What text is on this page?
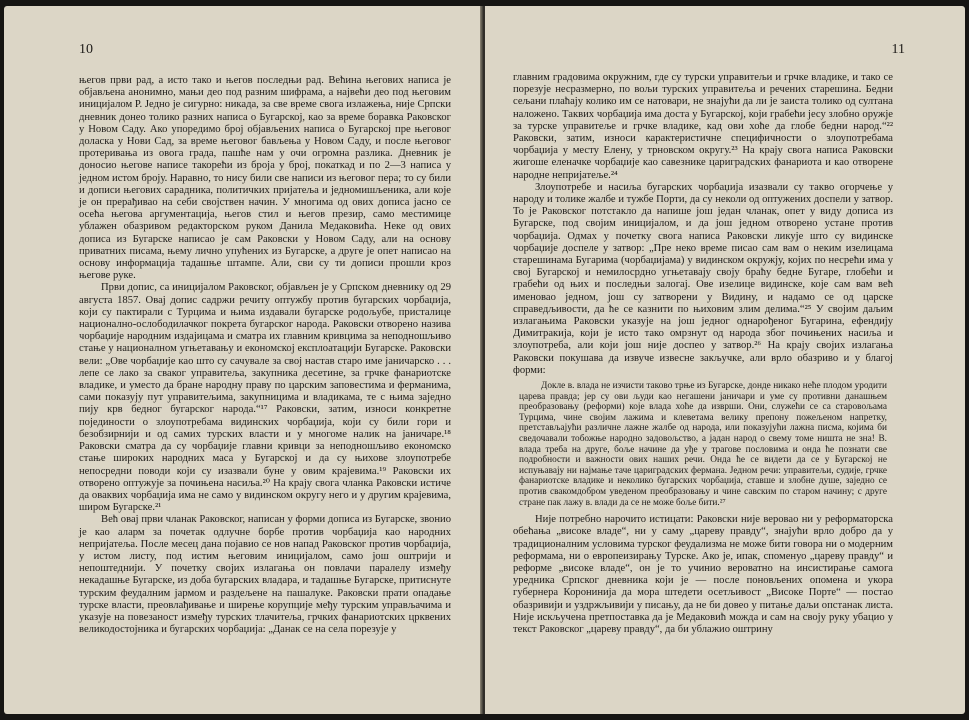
10

његов први рад, а исто тако и његов последњи рад. Већина његових написа је објављена анонимно, мањи део под разним шифрама, а највећи део под његовим иницијалом Р. Једно је сигурно: никада, за све време свога излажења, није Српски дневник донео толико разних написа о Бугарској, као за време боравка Раковског у Новом Саду. Ако упоредимо број објављених написа о Бугарској пре његовог доласка у Нови Сад, за време његовог бављења у Новом Саду, и после његовог протеривања из овога града, пашће нам у очи огромна разлика. Дневник је доносио његове написе такорећи из броја у број, покаткад и по 2—3 написа у једном истом броју. Наравно, то нису били све написи из његовог пера; то су били и дописи његових сарадника, политичких пријатеља и једномишљеника, али које је он прерађивао на себи својствен начин. У многима од ових дописа јасно се осећа његова аргументација, његов стил и његов презир, само местимице ублажен обазривом редакторском руком Данила Медаковића. Неке од ових дописа из Бугарске написао је сам Раковски у Новом Саду, али на основу приватних писама, њему лично упућених из Бугарске, а друге је опет написао на основу информација тадашње штампе. Али, сви су ти дописи прошли кроз његове руке.

Први допис, са иницијалом Раковског, објављен је у Српском дневнику од 29 августа 1857. Овај допис садржи речиту оптужбу против бугарских чорбаџија, који су пактирали с Турцима и њима издавали бугарске родољубе, присталице национално-ослободилачког покрета бугарског народа. Раковски отворено назива чорбаџије народним издајицама и сматра их главним кривцима за неподношљиво стање у националном угњетавању и економској експлоатацији Бугарске. Раковски вели: „Ове чорбаџије као што су сачувале за свој настав старо име јаничарско . . . лепе се лако за сваког управитеља, закупника десетине, за грчке фанариотске владике, и уместо да бране народну праву по царским заповестима и ферманима, сами показују пут управитељима, закупницима и владикама, те с њима заједно пију крв бедног бугарског народа.“¹⁷ Раковски, затим, износи конкретне појединости о злоупотребама видинских чорбаџија, који су били гори и безобзирнији и од самих турских власти и у многоме налик на јаничаре.¹⁸ Раковски сматра да су чорбаџије главни кривци за неподношљиво економско стање широких народних маса у Бугарској и да су њихове злоупотребе непосредни поводи који су изазвали буне у овим крајевима.¹⁹ Раковски их отворено оптужује за почињена насиља.²⁰ На крају свога чланка Раковски истиче да оваквих чорбаџија има не само у видинском округу него и у другим крајевима, широм Бугарске.²¹

Већ овај први чланак Раковског, написан у форми дописа из Бугарске, звонио је као аларм за почетак одлучне борбе против чорбаџија као народних непријатеља. После месец дана појавио се нов напад Раковског против чорбаџија, у истом листу, под истим његовим иницијалом, само још оштрији и непоштеднији. У почетку својих излагања он повлачи паралелу између некадашње Бугарске, из доба бугарских владара, и тадашње Бугарске, притиснуте турским феудалним јармом и раздељене на пашалуке. Раковски прати опадање турске власти, преовлађивање и ширење корупције међу турским управљачима и указује на повезаност између турских тлачитеља, грчких фанариотских црквених великодостојника и бугарских чорбаџија: „Данак се на села порезује у

11

главним градовима окружним, где су турски управитељи и грчке владике, и тако се порезује несразмерно, по вољи турских управитеља и речених старешина. Бедни сељани плаћају колико им се натовари, не знајући да ли је заиста толико од султана наложено. Таквих чорбаџија има доста у Бугарској, који грабећи јесу злобно оружје за турске управитеље и грчке владике, кад ови хоће да глобе бедни народ.“²² Раковски, затим, износи карактеристичне специфичности о злоупотребама чорбаџија у месту Елену, у трновском округу.²³ На крају свога написа Раковски жигоше еленачке чорбаџије као савезнике цариградских фанариота и као отворене народне непријатеље.²⁴

Злоупотребе и насиља бугарских чорбаџија изазвали су такво огорчење у народу и толике жалбе и тужбе Порти, да су неколи од оптужених доспели у затвор. То је Раковског потстакло да напише још један чланак, опет у виду дописа из Бугарске, под својим иницијалом, и да још једном отворено устане против чорбаџија. Одмах у почетку свога написа Раковски ликује што су видинске чорбаџије доспеле у затвор: „Пре неко време писао сам вам о неким изелицама старешинама Бугарима (чорбаџијама) у видинском окружју, којих по несрећи има у свој Бугарској и немилосрдно угњетавају своју браћу бедне Бугаре, глобећи и грабећи од њих и последњи залогај. Ове изелице видинске, које сам вам већ именовао једном, још су затворени у Видину, и надамо се од царске справедљивости, да ће се казнити по њиховим злим делима.“²⁵ У својим даљим излагањима Раковски указује на још једног однарођеног Бугарина, ефендију Димитракија, који је исто тако омрзнут од народа због почињених насиља и злоупотреба, али који још није доспео у затвор.²⁶ На крају својих излагања Раковски покушава да извуче извесне закључке, али врло обазриво и у благој форми:

Докле в. влада не изчисти таково трње из Бугарске, донде никако неће плодом уродити царева правда; јер су ови људи као негашени јаничари и уме су противни данашњем преобразовању (реформи) које влада хоће да изврши. Они, служећи се са старовољама Турцима, чине својим лажима и клеветама велику препону пожељеном напретку, претстављајући различне лажне жалбе од народа, или показујући лажна писма, којима би сведочавали тобожње народно задовољство, а јадан народ о свему томе ништа не зна! В. влада треба на друге, боље начине да уђе у трагове пословима и онда ће познати све подробности и важности ових наших речи. Онда ће се видети да се у Бугарској не испуњавају ни најмање таче цариградских фермана. Једном речи: управитељи, судије, грчке фанариотске владике и неколико бугарских чорбаџија, ставше и злобне душе, заједно се против свакомдобром уведеном преобразовању и чине савским по старом начину; с друге стране пак лажу в. влади да се не може боље бити.²⁷

Није потребно нарочито истицати: Раковски није веровао ни у реформаторска обећања „високе владе“, ни у саму „цареву правду“, знајући врло добро да у традиционалним условима турског феудализма не може бити говора ни о модерним реформама, ни о европеизирању Турске. Ако је, ипак, споменуо „цареву правду“ и реформе „високе владе“, он је то учинио вероватно на инсистирање самога уредника Српског дневника који је — после поновљених опомена и укора губернера Коронинија да мора штедети осетљивост „Високе Порте“ — постао обазривији и уздржљивији у писању, да не би довео у питање даљи опстанак листа. Није искључена претпоставка да је Медаковић можда и сам на своју руку убацио у текст Раковског „цареву правду“, да би ублажио оштрину
